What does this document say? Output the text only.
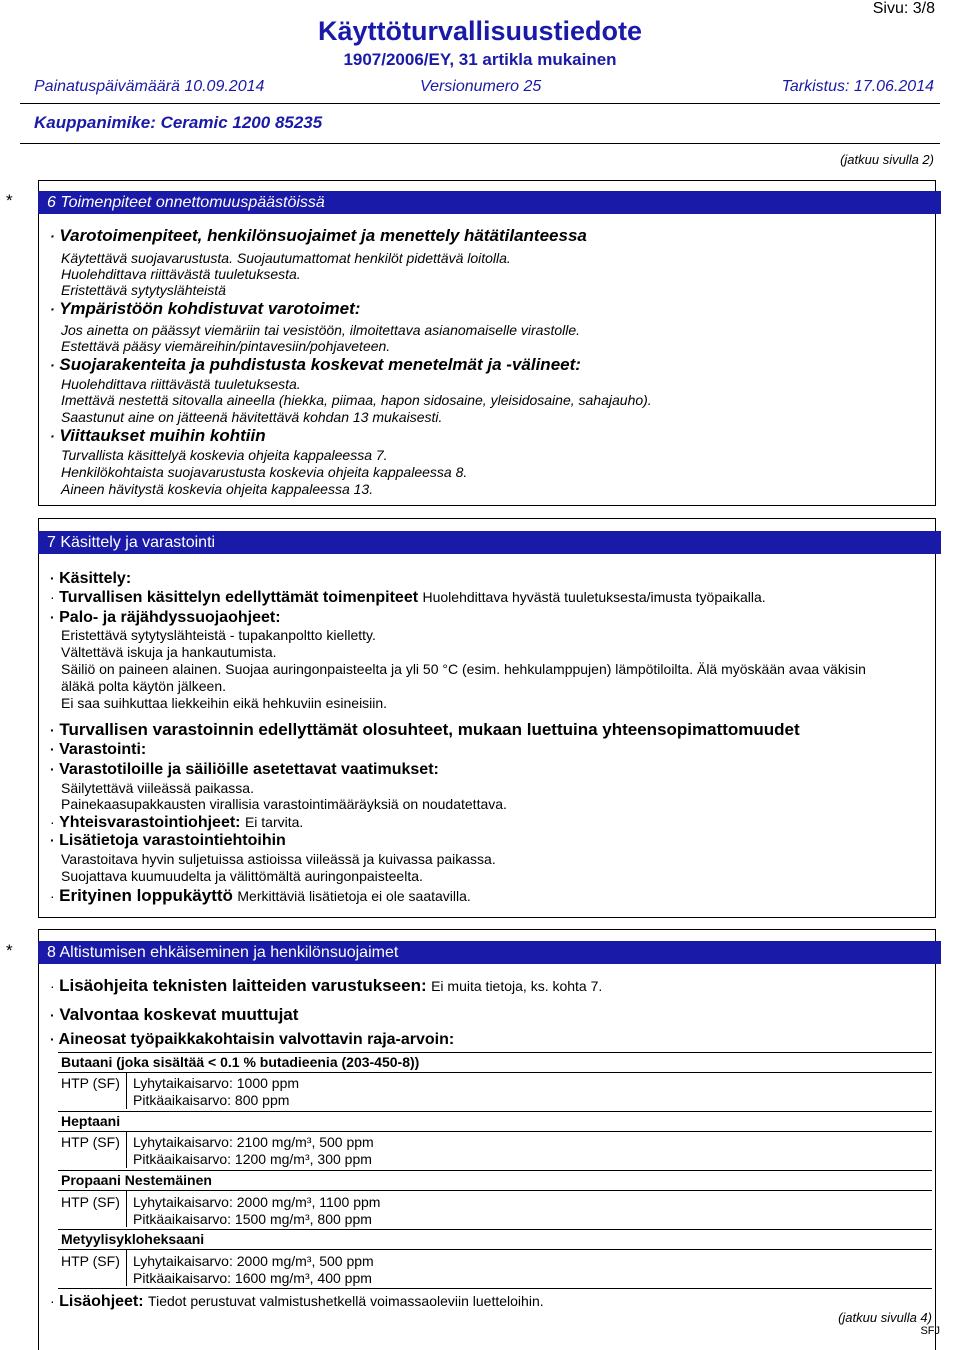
Sivu: 3/8
Käyttöturvallisuustiedote
1907/2006/EY, 31 artikla mukainen
Painatuspäivämäärä 10.09.2014	Versionumero 25	Tarkistus: 17.06.2014
Kauppanimike: Ceramic 1200 85235
(jatkuu sivulla 2)
*	6 Toimenpiteet onnettomuuspäästöissä
· Varotoimenpiteet, henkilönsuojaimet ja menettely hätätilanteessa
Käytettävä suojavarustusta. Suojautumattomat henkilöt pidettävä loitolla.
Huolehdittava riittävästä tuuletuksesta.
Eristettävä sytytyslähteistä
· Ympäristöön kohdistuvat varotoimet:
Jos ainetta on päässyt viemäriin tai vesistöön, ilmoitettava asianomaiselle virastolle.
Estettävä pääsy viemäreihin/pintavesiin/pohjaveteen.
· Suojarakenteita ja puhdistusta koskevat menetelmät ja -välineet:
Huolehdittava riittävästä tuuletuksesta.
Imettävä nestettä sitovalla aineella (hiekka, piimaa, hapon sidosaine, yleisidosaine, sahajauho).
Saastunut aine on jätteenä hävitettävä kohdan 13 mukaisesti.
· Viittaukset muihin kohtiin
Turvallista käsittelyä koskevia ohjeita kappaleessa 7.
Henkilökohtaista suojavarustusta koskevia ohjeita kappaleessa 8.
Aineen hävitystä koskevia ohjeita kappaleessa 13.
7 Käsittely ja varastointi
· Käsittely:
· Turvallisen käsittelyn edellyttämät toimenpiteet Huolehdittava hyvästä tuuletuksesta/imusta työpaikalla.
· Palo- ja räjähdyssuojaohjeet:
Eristettävä sytytyslähteistä - tupakanpoltto kielletty.
Vältettävä iskuja ja hankautumista.
Säiliö on paineen alainen. Suojaa auringonpaisteelta ja yli 50 °C (esim. hehkulamppujen) lämpötiloilta. Älä myöskään avaa väkisin
äläkä polta käytön jälkeen.
Ei saa suihkuttaa liekkeihin eikä hehkuviin esineisiin.
· Turvallisen varastoinnin edellyttämät olosuhteet, mukaan luettuina yhteensopimattomuudet
· Varastointi:
· Varastotiloille ja säiliöille asetettavat vaatimukset:
Säilytettävä viileässä paikassa.
Painekaasupakkausten virallisia varastointimääräyksiä on noudatettava.
· Yhteisvarastointiohjeet: Ei tarvita.
· Lisätietoja varastointiehtoihin
Varastoitava hyvin suljetuissa astioissa viileässä ja kuivassa paikassa.
Suojattava kuumuudelta ja välittömältä auringonpaisteelta.
· Erityinen loppukäyttö Merkittäviä lisätietoja ei ole saatavilla.
*	8 Altistumisen ehkäiseminen ja henkilönsuojaimet
· Lisäohjeita teknisten laitteiden varustukseen: Ei muita tietoja, ks. kohta 7.
· Valvontaa koskevat muuttujat
· Aineosat työpaikkakohtaisin valvottavin raja-arvoin:
Butaani (joka sisältää < 0.1 % butadieenia (203-450-8))
HTP (SF) Lyhytaikaisarvo: 1000 ppm
Pitkäaikaisarvo: 800 ppm
Heptaani
HTP (SF) Lyhytaikaisarvo: 2100 mg/m³, 500 ppm
Pitkäaikaisarvo: 1200 mg/m³, 300 ppm
Propaani Nestemäinen
HTP (SF) Lyhytaikaisarvo: 2000 mg/m³, 1100 ppm
Pitkäaikaisarvo: 1500 mg/m³, 800 ppm
Metyylisykloheksaani
HTP (SF) Lyhytaikaisarvo: 2000 mg/m³, 500 ppm
Pitkäaikaisarvo: 1600 mg/m³, 400 ppm
· Lisäohjeet: Tiedot perustuvat valmistushetkellä voimassaoleviin luetteloihin.
(jatkuu sivulla 4)
SFJ
